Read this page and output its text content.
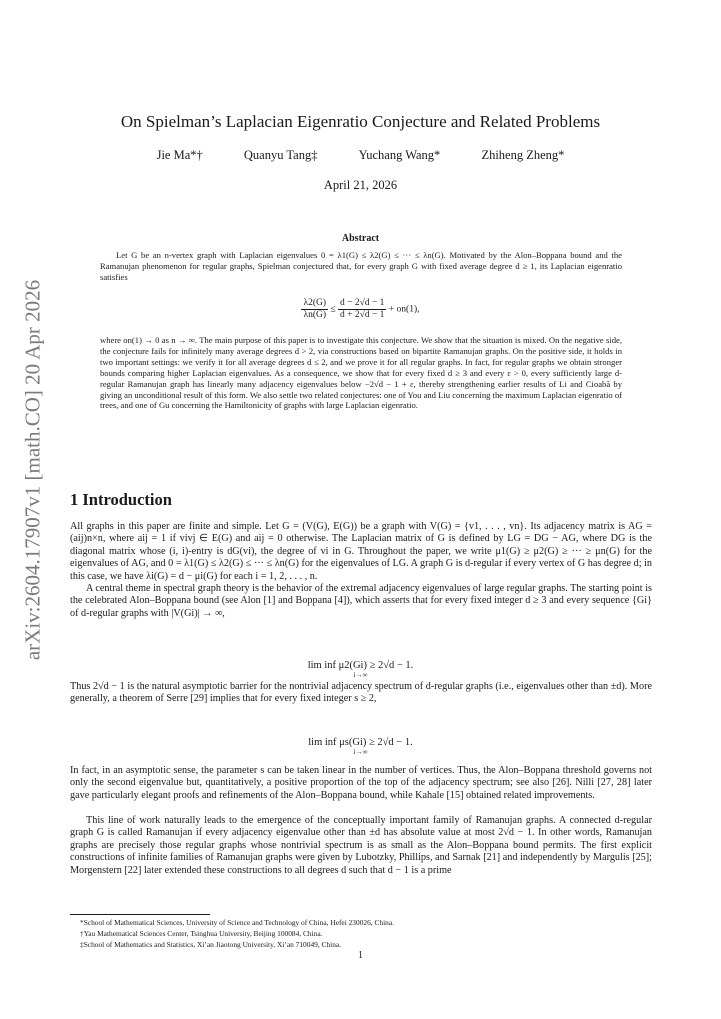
arXiv:2604.17907v1 [math.CO] 20 Apr 2026
On Spielman’s Laplacian Eigenratio Conjecture and Related Problems
Jie Ma*†	Quanyu Tang‡	Yuchang Wang*	Zhiheng Zheng*
April 21, 2026
Abstract
Let G be an n-vertex graph with Laplacian eigenvalues 0 = λ1(G) ≤ λ2(G) ≤ ··· ≤ λn(G). Motivated by the Alon–Boppana bound and the Ramanujan phenomenon for regular graphs, Spielman conjectured that, for every graph G with fixed average degree d ≥ 1, its Laplacian eigenratio satisfies
$\frac{\lambda 2(G)}{\lambda n(G)} \le \frac{d - 2√d - 1}{d + 2√d - 1} + on(1)$,
where on(1) → 0 as n → ∞. The main purpose of this paper is to investigate this conjecture. We show that the situation is mixed. On the negative side, the conjecture fails for infinitely many average degrees d > 2, via constructions based on bipartite Ramanujan graphs. On the positive side, it holds in two important settings: we verify it for all average degrees d ≤ 2, and we prove it for all regular graphs. In fact, for regular graphs we obtain stronger bounds comparing higher Laplacian eigenvalues. As a consequence, we show that for every fixed d ≥ 3 and every ε > 0, every sufficiently large d-regular Ramanujan graph has linearly many adjacency eigenvalues below −2√d − 1 + ε, thereby strengthening earlier results of Li and Cioabă by giving an unconditional result of this form. We also settle two related conjectures: one of You and Liu concerning the maximum Laplacian eigenratio of trees, and one of Gu concerning the Hamiltonicity of graphs with large Laplacian eigenratio.
1 Introduction
All graphs in this paper are finite and simple. Let G = (V(G), E(G)) be a graph with V(G) = {v1, . . . , vn}. Its adjacency matrix is AG = (aij)n×n, where aij = 1 if vivj ∈ E(G) and aij = 0 otherwise. The Laplacian matrix of G is defined by LG = DG − AG, where DG is the diagonal matrix whose (i, i)-entry is dG(vi), the degree of vi in G. Throughout the paper, we write μ1(G) ≥ μ2(G) ≥ ··· ≥ μn(G) for the eigenvalues of AG, and 0 = λ1(G) ≤ λ2(G) ≤ ··· ≤ λn(G) for the eigenvalues of LG. A graph G is d-regular if every vertex of G has degree d; in this case, we have λi(G) = d − μi(G) for each i = 1, 2, . . . , n.
A central theme in spectral graph theory is the behavior of the extremal adjacency eigenvalues of large regular graphs. The starting point is the celebrated Alon–Boppana bound (see Alon [1] and Boppana [4]), which asserts that for every fixed integer d ≥ 3 and every sequence {Gi} of d-regular graphs with |V(Gi)| → ∞,
lim inf μ2(Gi) ≥ 2√d − 1.
i→∞
Thus 2√d − 1 is the natural asymptotic barrier for the nontrivial adjacency spectrum of d-regular graphs (i.e., eigenvalues other than ±d). More generally, a theorem of Serre [29] implies that for every fixed integer s ≥ 2,
lim inf μs(Gi) ≥ 2√d − 1.
i→∞
In fact, in an asymptotic sense, the parameter s can be taken linear in the number of vertices. Thus, the Alon–Boppana threshold governs not only the second eigenvalue but, quantitatively, a positive proportion of the top of the adjacency spectrum; see also [26]. Nilli [27, 28] later gave particularly elegant proofs and refinements of the Alon–Boppana bound, while Kahale [15] obtained related improvements.
This line of work naturally leads to the emergence of the conceptually important family of Ramanujan graphs. A connected d-regular graph G is called Ramanujan if every adjacency eigenvalue other than ±d has absolute value at most 2√d − 1. In other words, Ramanujan graphs are precisely those regular graphs whose nontrivial spectrum is as small as the Alon–Boppana bound permits. The first explicit constructions of infinite families of Ramanujan graphs were given by Lubotzky, Phillips, and Sarnak [21] and independently by Margulis [25]; Morgenstern [22] later extended these constructions to all degrees d such that d − 1 is a prime
*School of Mathematical Sciences, University of Science and Technology of China, Hefei 230026, China.
†Yau Mathematical Sciences Center, Tsinghua University, Beijing 100084, China.
‡School of Mathematics and Statistics, Xi’an Jiaotong University, Xi’an 710049, China.
1
